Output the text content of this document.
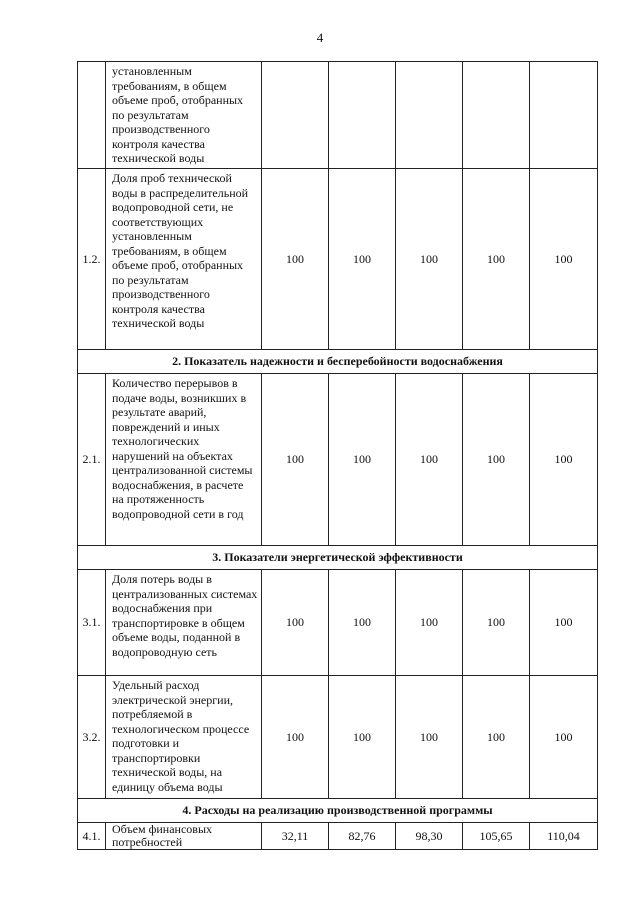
4
	установленным требованиям, в общем объеме проб, отобранных по результатам производственного контроля качества технической воды					
1.2.	Доля проб технической воды в распределительной водопроводной сети, не соответствующих установленным требованиям, в общем объеме проб, отобранных по результатам производственного контроля качества технической воды	100	100	100	100	100
2. Показатель надежности и бесперебойности водоснабжения						
2.1.	Количество перерывов в подаче воды, возникших в результате аварий, повреждений и иных технологических нарушений на объектах централизованной системы водоснабжения, в расчете на протяженность водопроводной сети в год	100	100	100	100	100
3. Показатели энергетической эффективности						
3.1.	Доля потерь воды в централизованных системах водоснабжения при транспортировке в общем объеме воды, поданной в водопроводную сеть	100	100	100	100	100
3.2.	Удельный расход электрической энергии, потребляемой в технологическом процессе подготовки и транспортировки технической воды, на единицу объема воды	100	100	100	100	100
4. Расходы на реализацию производственной программы						
4.1.	Объем финансовых потребностей	32,11	82,76	98,30	105,65	110,04
